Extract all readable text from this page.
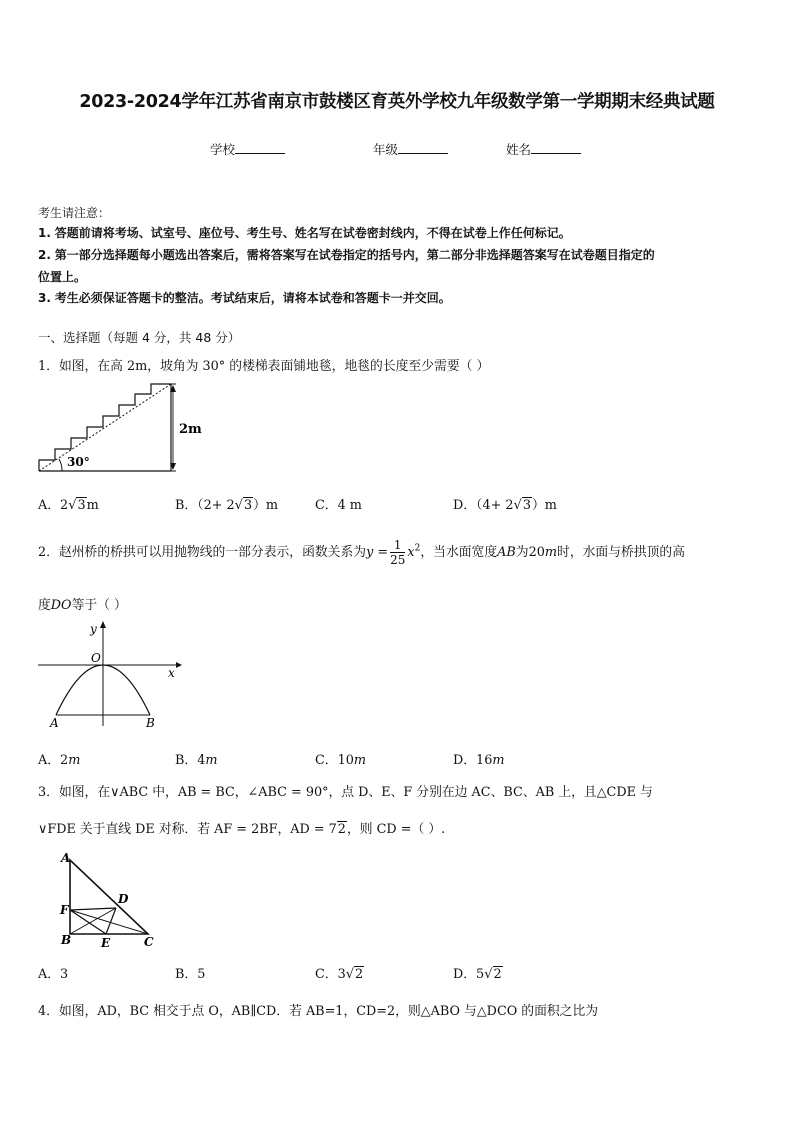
2023-2024学年江苏省南京市鼓楼区育英外学校九年级数学第一学期期末经典试题
学校	年级	姓名
考生请注意：
1. 答题前请将考场、试室号、座位号、考生号、姓名写在试卷密封线内，不得在试卷上作任何标记。
2. 第一部分选择题每小题选出答案后，需将答案写在试卷指定的括号内，第二部分非选择题答案写在试卷题目指定的
位置上。
3. 考生必须保证答题卡的整洁。考试结束后，请将本试卷和答题卡一并交回。
一、选择题（每题 4 分，共 48 分）
1．如图，在高 2m，坡角为 30° 的楼梯表面铺地毯，地毯的长度至少需要（ ）
2m
30°
A．2√3m	B．（2+ 2√3）m	C．4 m	D．（4+ 2√3）m
2．赵州桥的桥拱可以用抛物线的一部分表示，函数关系为$y = \frac{1}{25} x^2$，当水面宽度AB为20m时，水面与桥拱顶的高
度DO等于（ ）
y
O
x
A	B
A．2m	B．4m	C．10m	D．16m
3．如图，在∨ABC 中，AB = BC，∠ABC = 90°，点 D、E、F 分别在边 AC、BC、AB 上，且△CDE 与
∨FDE 关于直线 DE 对称．若 AF = 2BF，AD = 72，则 CD =（ ）.
A
F
D
B E	C
A．3	B．5	C．3√2	D．5√2
4．如图，AD，BC 相交于点 O，AB∥CD．若 AB=1，CD=2，则△ABO 与△DCO 的面积之比为
